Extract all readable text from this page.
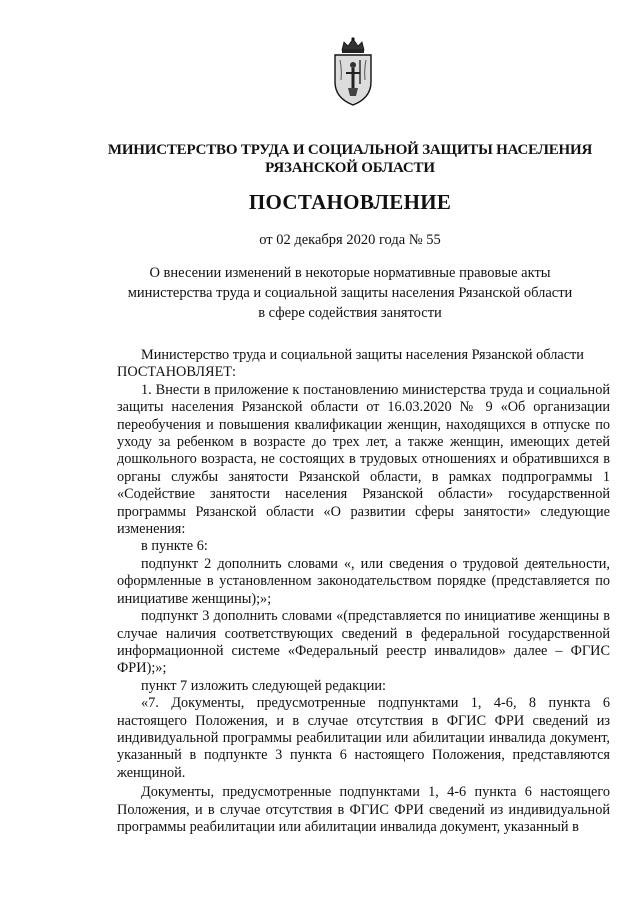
МИНИСТЕРСТВО ТРУДА И СОЦИАЛЬНОЙ ЗАЩИТЫ НАСЕЛЕНИЯ
РЯЗАНСКОЙ ОБЛАСТИ
ПОСТАНОВЛЕНИЕ
от 02 декабря 2020 года № 55
О внесении изменений в некоторые нормативные правовые акты
министерства труда и социальной защиты населения Рязанской области
в сфере содействия занятости

Министерство труда и социальной защиты населения Рязанской области

ПОСТАНОВЛЯЕТ:

1. Внести в приложение к постановлению министерства труда и социальной защиты населения Рязанской области от 16.03.2020 № 9 «Об организации переобучения и повышения квалификации женщин, находящихся в отпуске по уходу за ребенком в возрасте до трех лет, а также женщин, имеющих детей дошкольного возраста, не состоящих в трудовых отношениях и обратившихся в органы службы занятости Рязанской области, в рамках подпрограммы 1 «Содействие занятости населения Рязанской области» государственной программы Рязанской области «О развитии сферы занятости» следующие изменения:

в пункте 6:

подпункт 2 дополнить словами «, или сведения о трудовой деятельности, оформленные в установленном законодательством порядке (представляется по инициативе женщины);»;

подпункт 3 дополнить словами «(представляется по инициативе женщины в случае наличия соответствующих сведений в федеральной государственной информационной системе «Федеральный реестр инвалидов» далее – ФГИС ФРИ);»;

пункт 7 изложить следующей редакции:

«7. Документы, предусмотренные подпунктами 1, 4-6, 8 пункта 6 настоящего Положения, и в случае отсутствия в ФГИС ФРИ сведений из индивидуальной программы реабилитации или абилитации инвалида документ, указанный в подпункте 3 пункта 6 настоящего Положения, представляются женщиной.

Документы, предусмотренные подпунктами 1, 4-6 пункта 6 настоящего Положения, и в случае отсутствия в ФГИС ФРИ сведений из индивидуальной программы реабилитации или абилитации инвалида документ, указанный в
